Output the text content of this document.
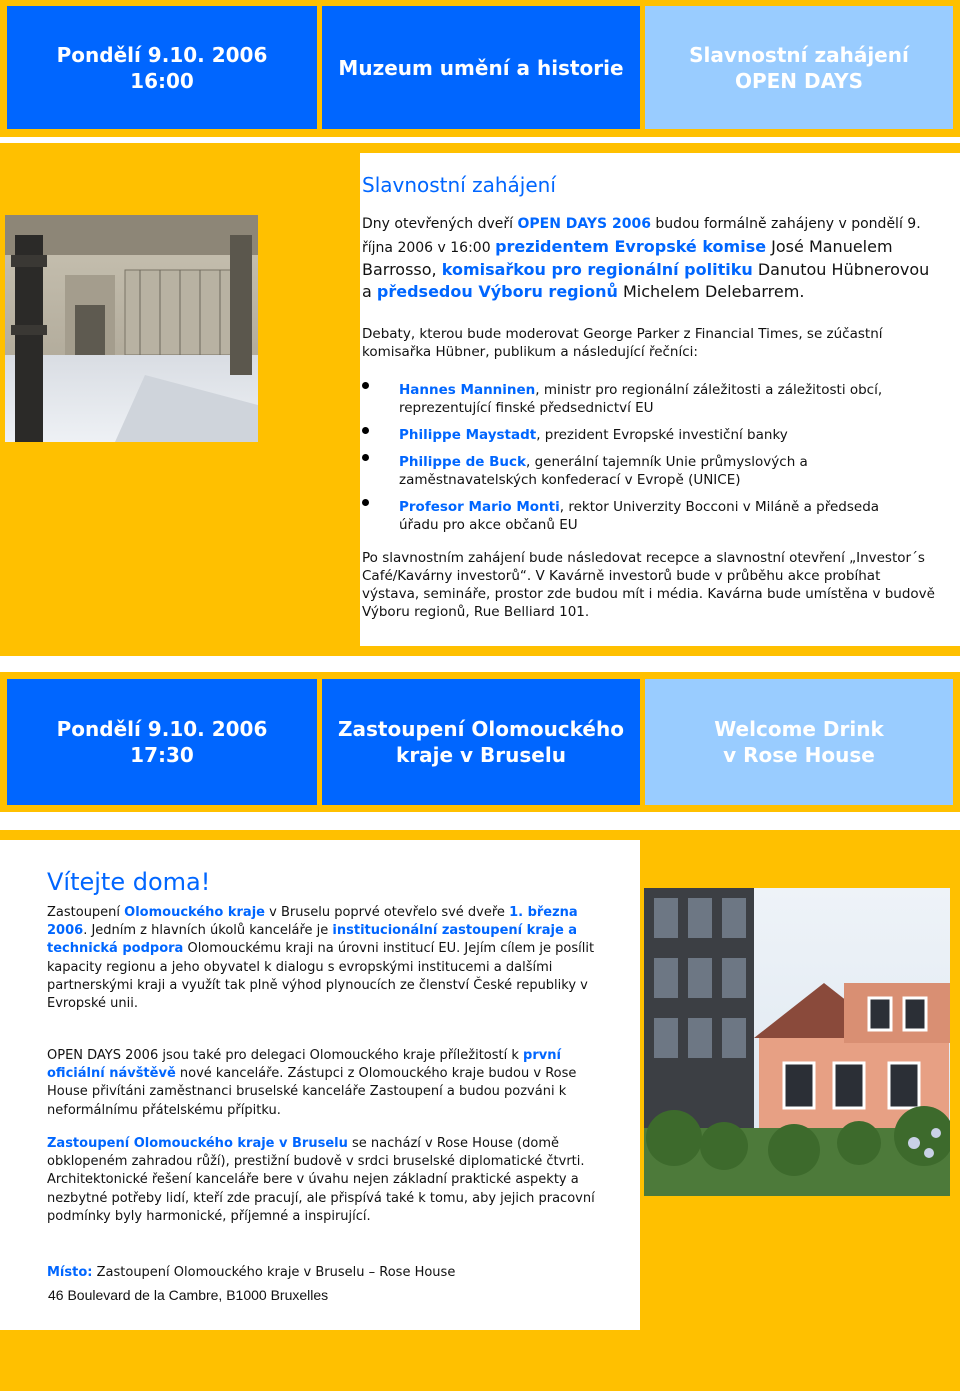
Pondělí 9.10. 2006
16:00
Muzeum umění a historie
Slavnostní zahájení
OPEN DAYS
Slavnostní zahájení

Dny otevřených dveří OPEN DAYS 2006 budou formálně zahájeny v pondělí 9. října 2006 v 16:00 prezidentem Evropské komise José Manuelem Barrosso, komisařkou pro regionální politiku Danutou Hübnerovou a předsedou Výboru regionů Michelem Delebarrem.

Debaty, kterou bude moderovat George Parker z Financial Times, se zúčastní komisařka Hübner, publikum a následující řečníci:

Hannes Manninen, ministr pro regionální záležitosti a záležitosti obcí, reprezentující finské předsednictví EU
Philippe Maystadt, prezident Evropské investiční banky
Philippe de Buck, generální tajemník Unie průmyslových a zaměstnavatelských konfederací v Evropě (UNICE)
Profesor Mario Monti, rektor Univerzity Bocconi v Miláně a předseda úřadu pro akce občanů EU

Po slavnostním zahájení bude následovat recepce a slavnostní otevření „Investor´s Café/Kavárny investorů“. V Kavárně investorů bude v průběhu akce probíhat výstava, semináře, prostor zde budou mít i média. Kavárna bude umístěna v budově Výboru regionů, Rue Belliard 101.

Pondělí 9.10. 2006
17:30
Zastoupení Olomouckého
kraje v Bruselu
Welcome Drink
v Rose House
Vítejte doma!

Zastoupení Olomouckého kraje v Bruselu poprvé otevřelo své dveře 1. března 2006. Jedním z hlavních úkolů kanceláře je institucionální zastoupení kraje a technická podpora Olomouckému kraji na úrovni institucí EU. Jejím cílem je posílit kapacity regionu a jeho obyvatel k dialogu s evropskými institucemi a dalšími partnerskými kraji a využít tak plně výhod plynoucích ze členství České republiky v Evropské unii.

OPEN DAYS 2006 jsou také pro delegaci Olomouckého kraje příležitostí k první oficiální návštěvě nové kanceláře. Zástupci z Olomouckého kraje budou v Rose House přivítáni zaměstnanci bruselské kanceláře Zastoupení a budou pozváni k neformálnímu přátelskému přípitku.

Zastoupení Olomouckého kraje v Bruselu se nachází v Rose House (domě obklopeném zahradou růží), prestižní budově v srdci bruselské diplomatické čtvrti. Architektonické řešení kanceláře bere v úvahu nejen základní praktické aspekty a nezbytné potřeby lidí, kteří zde pracují, ale přispívá také k tomu, aby jejich pracovní podmínky byly harmonické, příjemné a inspirující.

Místo: Zastoupení Olomouckého kraje v Bruselu – Rose House

46 Boulevard de la Cambre, B1000 Bruxelles
